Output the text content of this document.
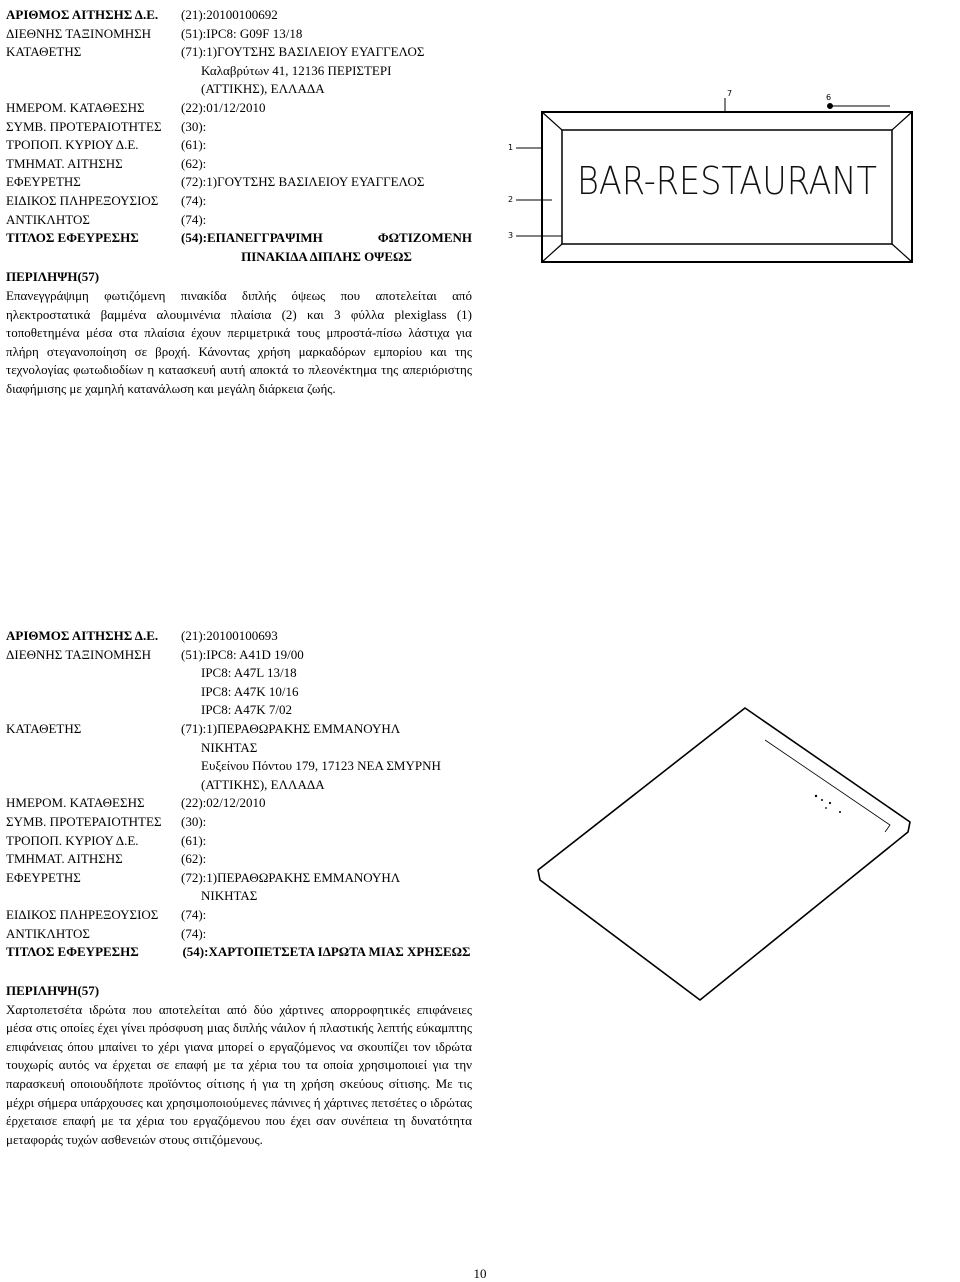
ΑΡΙΘΜΟΣ ΑΙΤΗΣΗΣ Δ.Ε. (21):20100100692
ΔΙΕΘΝΗΣ ΤΑΞΙΝΟΜΗΣΗ (51):IPC8: G09F 13/18
ΚΑΤΑΘΕΤΗΣ	(71):1)ΓΟΥΤΣΗΣ ΒΑΣΙΛΕΙΟΥ ΕΥΑΓΓΕΛΟΣ
Καλαβρύτων 41, 12136 ΠΕΡΙΣΤΕΡΙ
(ΑΤΤΙΚΗΣ), ΕΛΛΑΔΑ
ΗΜΕΡΟΜ. ΚΑΤΑΘΕΣΗΣ	(22):01/12/2010
ΣΥΜΒ. ΠΡΟΤΕΡΑΙΟΤΗΤΕΣ (30):
ΤΡΟΠΟΠ. ΚΥΡΙΟΥ Δ.Ε.	(61):
ΤΜΗΜΑΤ. ΑΙΤΗΣΗΣ	(62):
ΕΦΕΥΡΕΤΗΣ	(72):1)ΓΟΥΤΣΗΣ ΒΑΣΙΛΕΙΟΥ ΕΥΑΓΓΕΛΟΣ
ΕΙΔΙΚΟΣ ΠΛΗΡΕΞΟΥΣΙΟΣ (74):
ΑΝΤΙΚΛΗΤΟΣ	(74):
ΤΙΤΛΟΣ ΕΦΕΥΡΕΣΗΣ	(54):ΕΠΑΝΕΓΓΡΑΨΙΜΗ ΦΩΤΙΖΟΜΕΝΗ ΠΙΝΑΚΙΔΑ ΔΙΠΛΗΣ ΟΨΕΩΣ
ΠΕΡΙΛΗΨΗ(57)

Επανεγγράψιμη φωτιζόμενη πινακίδα διπλής όψεως που αποτελείται από ηλεκτροστατικά βαμμένα αλουμινένια πλαίσια (2) και 3 φύλλα plexiglass (1) τοποθετημένα μέσα στα πλαίσια έχουν περιμετρικά τους μπροστά-πίσω λάστιχα για πλήρη στεγανοποίηση σε βροχή. Κάνοντας χρήση μαρκαδόρων εμπορίου και της τεχνολογίας φωτωδιοδίων η κατασκευή αυτή αποκτά το πλεονέκτημα της απεριόριστης διαφήμισης με χαμηλή κατανάλωση και μεγάλη διάρκεια ζωής.

BAR-RESTAURANT
1
2
3
7	6
ΑΡΙΘΜΟΣ ΑΙΤΗΣΗΣ Δ.Ε. (21):20100100693
ΔΙΕΘΝΗΣ ΤΑΞΙΝΟΜΗΣΗ (51):IPC8: A41D 19/00
IPC8: A47L 13/18
IPC8: A47K 10/16
IPC8: A47K 7/02
ΚΑΤΑΘΕΤΗΣ	(71):1)ΠΕΡΑΘΩΡΑΚΗΣ ΕΜΜΑΝΟΥΗΛ
ΝΙΚΗΤΑΣ
Ευξείνου Πόντου 179, 17123 ΝΕΑ ΣΜΥΡΝΗ
(ΑΤΤΙΚΗΣ), ΕΛΛΑΔΑ
ΗΜΕΡΟΜ. ΚΑΤΑΘΕΣΗΣ	(22):02/12/2010
ΣΥΜΒ. ΠΡΟΤΕΡΑΙΟΤΗΤΕΣ (30):
ΤΡΟΠΟΠ. ΚΥΡΙΟΥ Δ.Ε.	(61):
ΤΜΗΜΑΤ. ΑΙΤΗΣΗΣ	(62):
ΕΦΕΥΡΕΤΗΣ	(72):1)ΠΕΡΑΘΩΡΑΚΗΣ ΕΜΜΑΝΟΥΗΛ
ΝΙΚΗΤΑΣ
ΕΙΔΙΚΟΣ ΠΛΗΡΕΞΟΥΣΙΟΣ (74):
ΑΝΤΙΚΛΗΤΟΣ	(74):
ΤΙΤΛΟΣ ΕΦΕΥΡΕΣΗΣ	(54):ΧΑΡΤΟΠΕΤΣΕΤΑ ΙΔΡΩΤΑ ΜΙΑΣ ΧΡΗΣΕΩΣ
ΠΕΡΙΛΗΨΗ(57)

Χαρτοπετσέτα ιδρώτα που αποτελείται από δύο χάρτινες απορροφητικές επιφάνειες μέσα στις οποίες έχει γίνει πρόσφυση μιας διπλής νάιλον ή πλαστικής λεπτής εύκαμπτης επιφάνειας όπου μπαίνει το χέρι γιανα μπορεί ο εργαζόμενος να σκουπίζει τον ιδρώτα τουχωρίς αυτός να έρχεται σε επαφή με τα χέρια του τα οποία χρησιμοποιεί για την παρασκευή οποιουδήποτε προϊόντος σίτισης ή για τη χρήση σκεύους σίτισης. Με τις μέχρι σήμερα υπάρχουσες και χρησιμοποιούμενες πάνινες ή χάρτινες πετσέτες ο ιδρώτας έρχεταισε επαφή με τα χέρια του εργαζόμενου που έχει σαν συνέπεια τη δυνατότητα μεταφοράς τυχών ασθενειών στους σιτιζόμενους.

10
